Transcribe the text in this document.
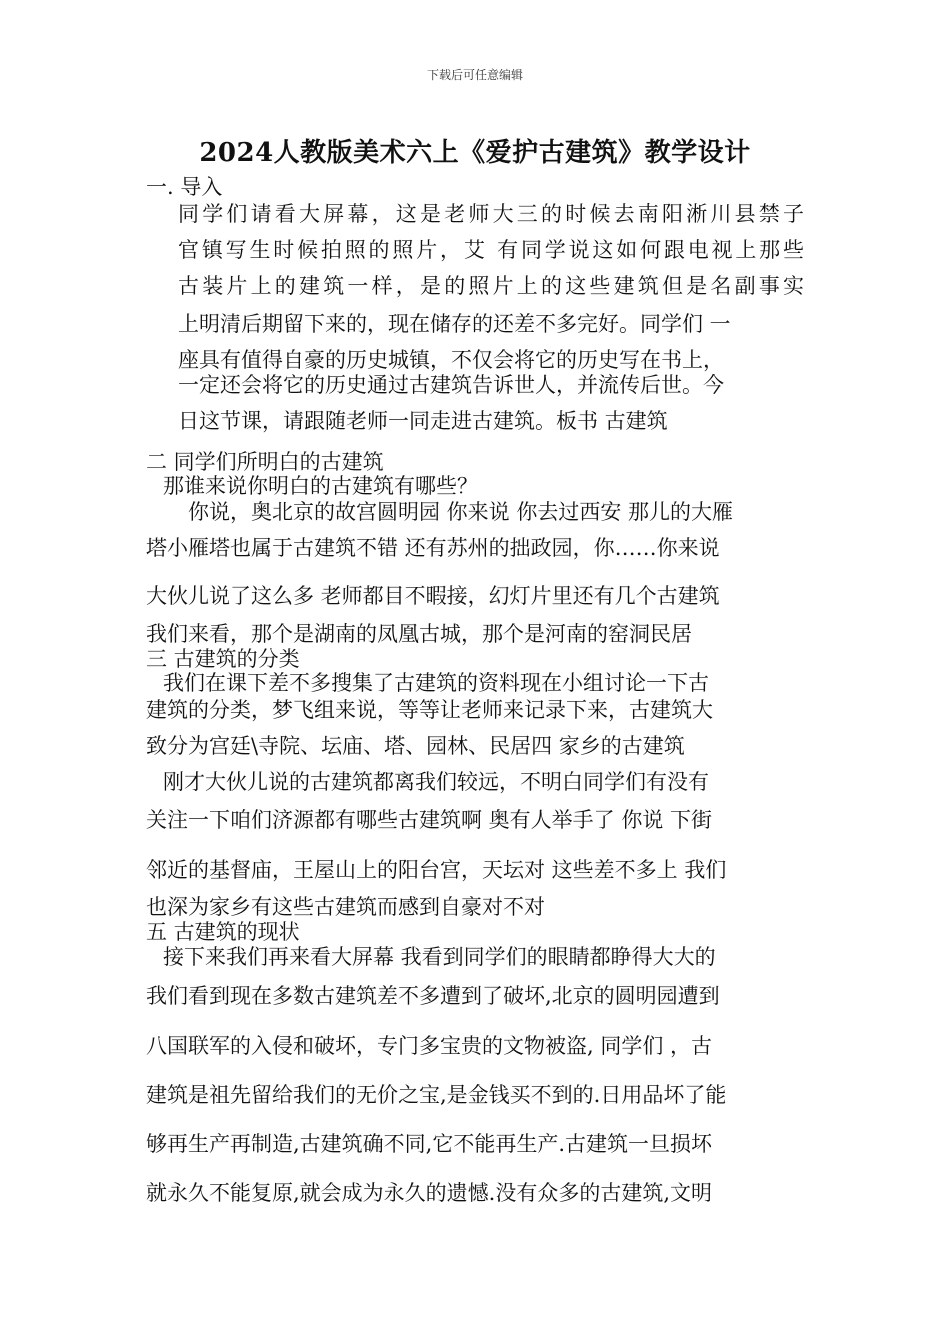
下载后可任意编辑
2024人教版美术六上《爱护古建筑》教学设计
一. 导入
同学们请看大屏幕，这是老师大三的时候去南阳淅川县禁子
官镇写生时候拍照的照片，艾 有同学说这如何跟电视上那些
古装片上的建筑一样，是的照片上的这些建筑但是名副事实
上明清后期留下来的，现在储存的还差不多完好。同学们 一
座具有值得自豪的历史城镇，不仅会将它的历史写在书上，
一定还会将它的历史通过古建筑告诉世人，并流传后世。今
日这节课，请跟随老师一同走进古建筑。板书 古建筑
二 同学们所明白的古建筑
那谁来说你明白的古建筑有哪些？
你说，奥北京的故宫圆明园 你来说 你去过西安 那儿的大雁
塔小雁塔也属于古建筑不错 还有苏州的拙政园，你……你来说
大伙儿说了这么多 老师都目不暇接，幻灯片里还有几个古建筑
我们来看，那个是湖南的凤凰古城，那个是河南的窑洞民居
三 古建筑的分类
我们在课下差不多搜集了古建筑的资料现在小组讨论一下古
建筑的分类，梦飞组来说，等等让老师来记录下来，古建筑大
致分为宫廷\寺院、坛庙、塔、园林、民居四 家乡的古建筑
刚才大伙儿说的古建筑都离我们较远，不明白同学们有没有
关注一下咱们济源都有哪些古建筑啊 奥有人举手了 你说 下街
邻近的基督庙，王屋山上的阳台宫，天坛对 这些差不多上 我们
也深为家乡有这些古建筑而感到自豪对不对
五 古建筑的现状
接下来我们再来看大屏幕 我看到同学们的眼睛都睁得大大的
我们看到现在多数古建筑差不多遭到了破坏,北京的圆明园遭到
八国联军的入侵和破坏，专门多宝贵的文物被盗, 同学们 ，古
建筑是祖先留给我们的无价之宝,是金钱买不到的.日用品坏了能
够再生产再制造,古建筑确不同,它不能再生产.古建筑一旦损坏
就永久不能复原,就会成为永久的遗憾.没有众多的古建筑,文明
